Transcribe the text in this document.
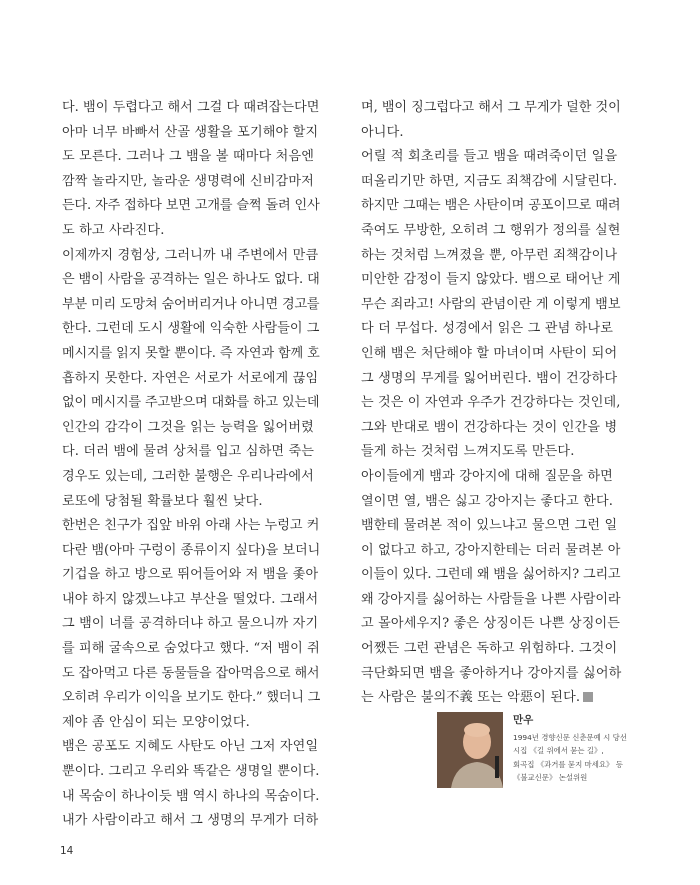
다. 뱀이 두렵다고 해서 그걸 다 때려잡는다면
아마 너무 바빠서 산골 생활을 포기해야 할지
도 모른다. 그러나 그 뱀을 볼 때마다 처음엔
깜짝 놀라지만, 놀라운 생명력에 신비감마저
든다. 자주 접하다 보면 고개를 슬쩍 돌려 인사
도 하고 사라진다.
이제까지 경험상, 그러니까 내 주변에서 만큼
은 뱀이 사람을 공격하는 일은 하나도 없다. 대
부분 미리 도망쳐 숨어버리거나 아니면 경고를
한다. 그런데 도시 생활에 익숙한 사람들이 그
메시지를 읽지 못할 뿐이다. 즉 자연과 함께 호
흡하지 못한다. 자연은 서로가 서로에게 끊임
없이 메시지를 주고받으며 대화를 하고 있는데
인간의 감각이 그것을 읽는 능력을 잃어버렸
다. 더러 뱀에 물려 상처를 입고 심하면 죽는
경우도 있는데, 그러한 불행은 우리나라에서
로또에 당첨될 확률보다 훨씬 낮다.
한번은 친구가 집앞 바위 아래 사는 누렁고 커
다란 뱀(아마 구렁이 종류이지 싶다)을 보더니
기겁을 하고 방으로 뛰어들어와 저 뱀을 좇아
내야 하지 않겠느냐고 부산을 떨었다. 그래서
그 뱀이 너를 공격하더냐 하고 물으니까 자기
를 피해 굴속으로 숨었다고 했다. “저 뱀이 쥐
도 잡아먹고 다른 동물들을 잡아먹음으로 해서
오히려 우리가 이익을 보기도 한다.” 했더니 그
제야 좀 안심이 되는 모양이었다.
뱀은 공포도 지혜도 사탄도 아닌 그저 자연일
뿐이다. 그리고 우리와 똑같은 생명일 뿐이다.
내 목숨이 하나이듯 뱀 역시 하나의 목숨이다.
내가 사람이라고 해서 그 생명의 무게가 더하
며, 뱀이 징그럽다고 해서 그 무게가 덜한 것이
아니다.
어릴 적 회초리를 들고 뱀을 때려죽이던 일을
떠올리기만 하면, 지금도 죄책감에 시달린다.
하지만 그때는 뱀은 사탄이며 공포이므로 때려
죽여도 무방한, 오히려 그 행위가 정의를 실현
하는 것처럼 느껴졌을 뿐, 아무런 죄책감이나
미안한 감정이 들지 않았다. 뱀으로 태어난 게
무슨 죄라고! 사람의 관념이란 게 이렇게 뱀보
다 더 무섭다. 성경에서 읽은 그 관념 하나로
인해 뱀은 처단해야 할 마녀이며 사탄이 되어
그 생명의 무게를 잃어버린다. 뱀이 건강하다
는 것은 이 자연과 우주가 건강하다는 것인데,
그와 반대로 뱀이 건강하다는 것이 인간을 병
들게 하는 것처럼 느껴지도록 만든다.
아이들에게 뱀과 강아지에 대해 질문을 하면
열이면 열, 뱀은 싫고 강아지는 좋다고 한다.
뱀한테 물려본 적이 있느냐고 물으면 그런 일
이 없다고 하고, 강아지한테는 더러 물려본 아
이들이 있다. 그런데 왜 뱀을 싫어하지? 그리고
왜 강아지를 싫어하는 사람들을 나쁜 사람이라
고 몰아세우지? 좋은 상징이든 나쁜 상징이든
어쨌든 그런 관념은 독하고 위험하다. 그것이
극단화되면 뱀을 좋아하거나 강아지를 싫어하
는 사람은 불의不義 또는 악惡이 된다.
만우
1994년 경향신문 신춘문예 시 당선
시집 《길 위에서 묻는 길》,
회곡집 《과거를 묻지 마세요》 등
《불교신문》 논설위원
14
